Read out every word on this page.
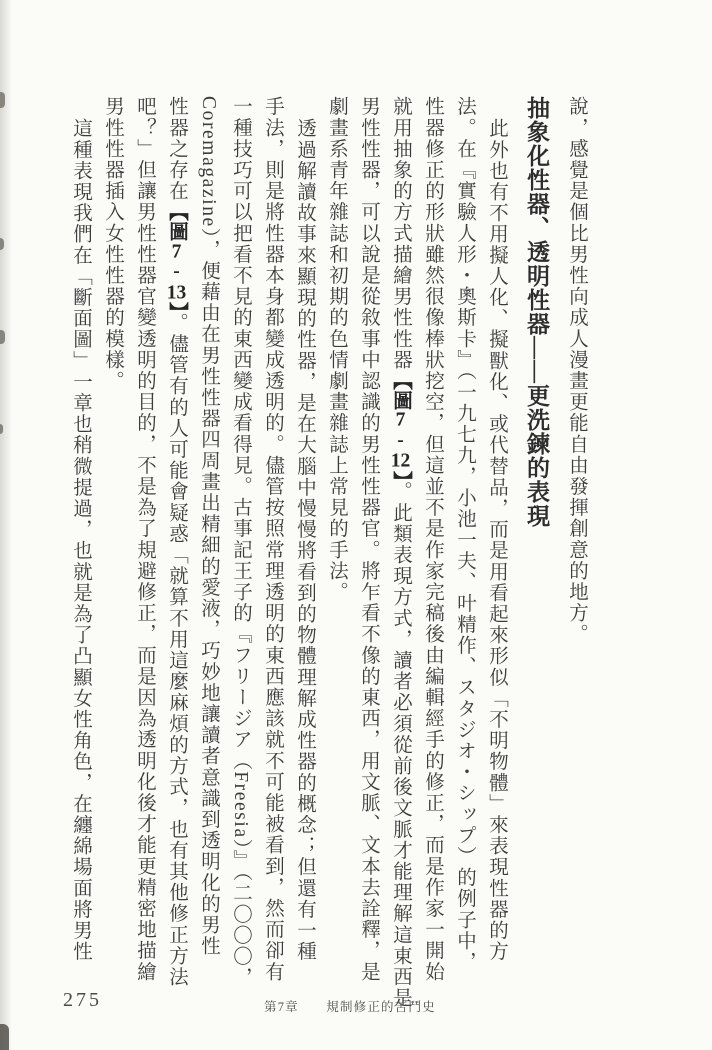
說，感覺是個比男性向成人漫畫更能自由發揮創意的地方。
抽象化性器、透明性器——更洗鍊的表現
此外也有不用擬人化、擬獸化、或代替品，而是用看起來形似「不明物體」來表現性器的方
法。在『實驗人形・奧斯卡』（一九七九，小池一夫、叶精作、スタジオ・シップ）的例子中，
性器修正的形狀雖然很像棒狀挖空，但這並不是作家完稿後由編輯經手的修正，而是作家一開始
就用抽象的方式描繪男性性器【圖7-12】。此類表現方式，讀者必須從前後文脈才能理解這東西是
男性性器，可以說是從敘事中認識的男性性器官。將乍看不像的東西，用文脈、文本去詮釋，是
劇畫系青年雜誌和初期的色情劇畫雜誌上常見的手法。
透過解讀故事來顯現的性器，是在大腦中慢慢將看到的物體理解成性器的概念；但還有一種
手法，則是將性器本身都變成透明的。儘管按照常理透明的東西應該就不可能被看到，然而卻有
一種技巧可以把看不見的東西變成看得見。古事記王子的『フリージア（Freesia）』（二〇〇〇，
Coremagazine），便藉由在男性性器四周畫出精細的愛液，巧妙地讓讀者意識到透明化的男性
性器之存在【圖7-13】。儘管有的人可能會疑惑「就算不用這麼麻煩的方式，也有其他修正方法
吧？」但讓男性性器官變透明的目的，不是為了規避修正，而是因為透明化後才能更精密地描繪
男性性器插入女性性器的模樣。
這種表現我們在「斷面圖」一章也稍微提過，也就是為了凸顯女性角色，在纏綿場面將男性
275	第7章　　規制修正的苦鬥史
